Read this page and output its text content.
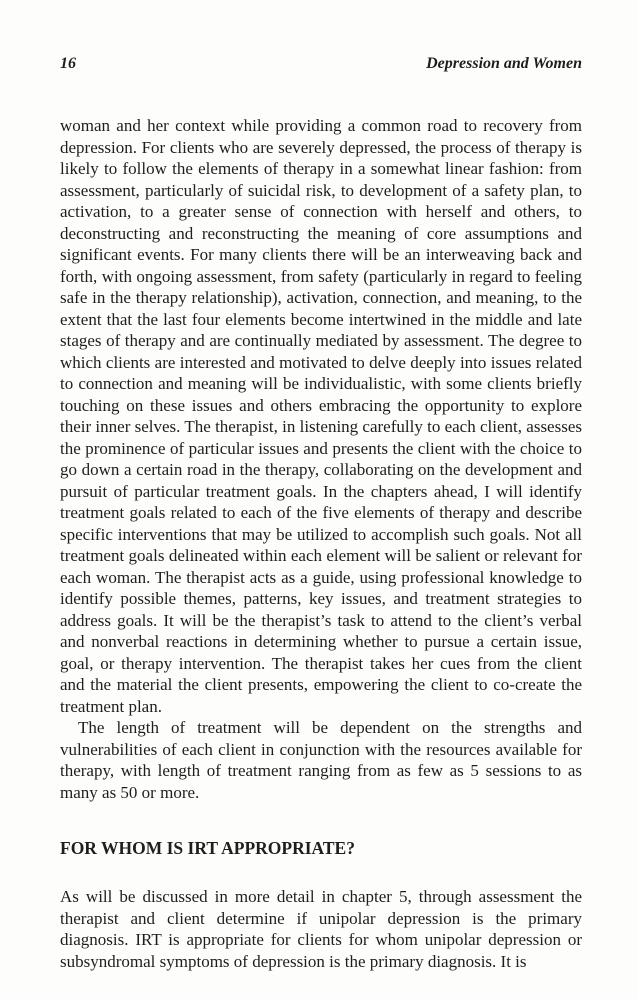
16	Depression and Women

woman and her context while providing a common road to recovery from depression. For clients who are severely depressed, the process of therapy is likely to follow the elements of therapy in a somewhat linear fashion: from assessment, particularly of suicidal risk, to development of a safety plan, to activation, to a greater sense of connection with herself and others, to deconstructing and reconstructing the meaning of core assumptions and significant events. For many clients there will be an interweaving back and forth, with ongoing assessment, from safety (particularly in regard to feeling safe in the therapy relationship), activation, connection, and meaning, to the extent that the last four elements become intertwined in the middle and late stages of therapy and are continually mediated by assessment. The degree to which clients are interested and motivated to delve deeply into issues related to connection and meaning will be individualistic, with some clients briefly touching on these issues and others embracing the opportunity to explore their inner selves. The therapist, in listening carefully to each client, assesses the prominence of particular issues and presents the client with the choice to go down a certain road in the therapy, collaborating on the development and pursuit of particular treatment goals. In the chapters ahead, I will identify treatment goals related to each of the five elements of therapy and describe specific interventions that may be utilized to accomplish such goals. Not all treatment goals delineated within each element will be salient or relevant for each woman. The therapist acts as a guide, using professional knowledge to identify possible themes, patterns, key issues, and treatment strategies to address goals. It will be the therapist’s task to attend to the client’s verbal and nonverbal reactions in determining whether to pursue a certain issue, goal, or therapy intervention. The therapist takes her cues from the client and the material the client presents, empowering the client to co-create the treatment plan.

The length of treatment will be dependent on the strengths and vulnerabilities of each client in conjunction with the resources available for therapy, with length of treatment ranging from as few as 5 sessions to as many as 50 or more.

FOR WHOM IS IRT APPROPRIATE?

As will be discussed in more detail in chapter 5, through assessment the therapist and client determine if unipolar depression is the primary diagnosis. IRT is appropriate for clients for whom unipolar depression or subsyndromal symptoms of depression is the primary diagnosis. It is
